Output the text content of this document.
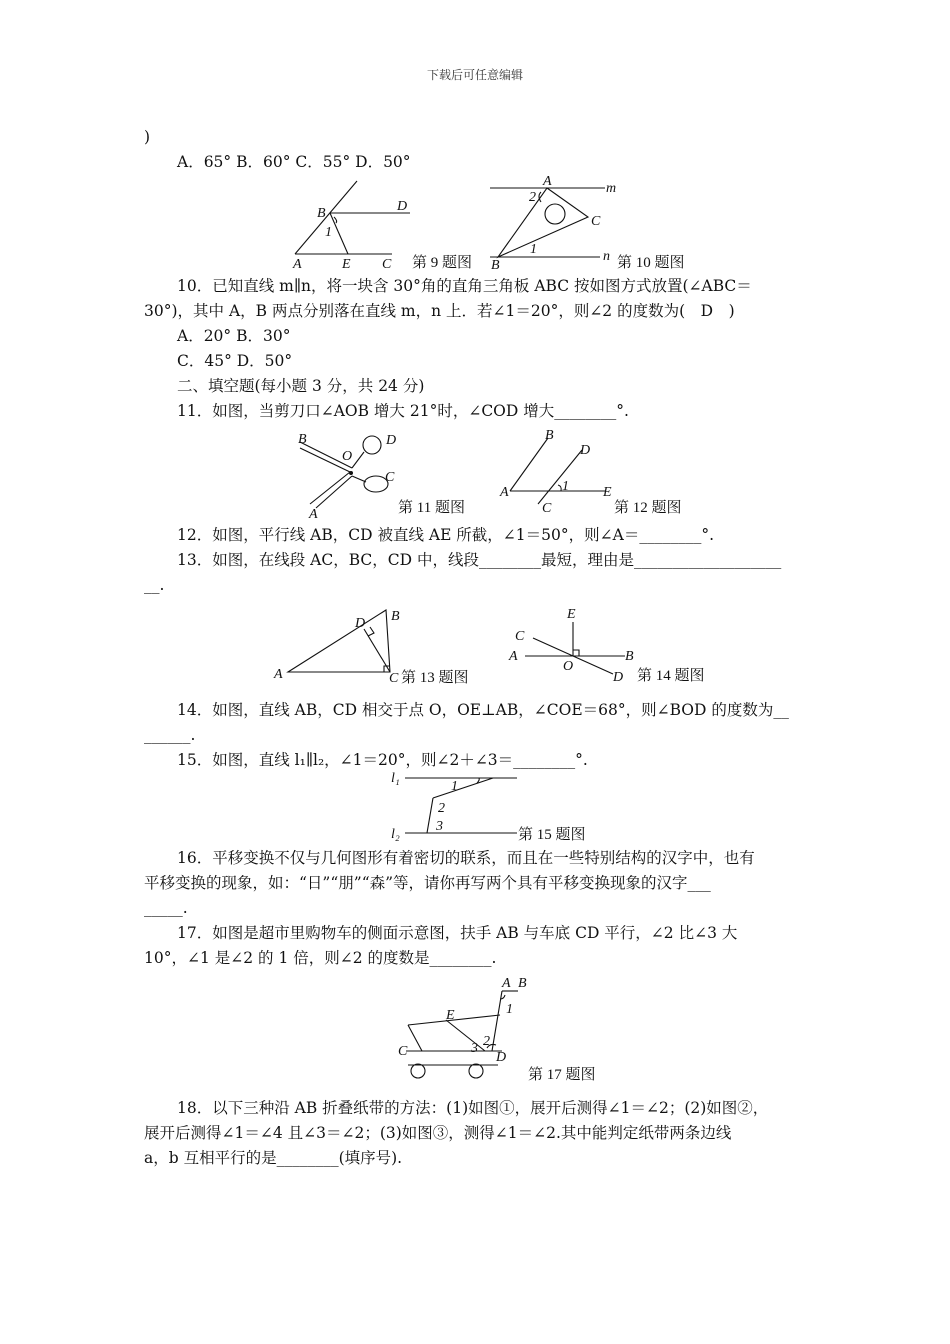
下载后可任意编辑
)
A．65° B．60° C．55° D．50°
B	D
1
A	E C 第 9 题图
A	m
2
C
1	n
B	第 10 题图
10．已知直线 m∥n，将一块含 30°角的直角三角板 ABC 按如图方式放置(∠ABC＝
30°)，其中 A，B 两点分别落在直线 m，n 上．若∠1＝20°，则∠2 的度数为(　D　)
A．20° B．30°
C．45° D．50°
二、填空题(每小题 3 分，共 24 分)
11．如图，当剪刀口∠AOB 增大 21°时，∠COD 增大________°.
B	D
O
C
A	第 11 题图
B
D
1
A	E
C	第 12 题图
12．如图，平行线 AB，CD 被直线 AE 所截，∠1＝50°，则∠A＝________°.
13．如图，在线段 AC，BC，CD 中，线段________最短，理由是___________________
__.
B
D
A	C 第 13 题图
E
C
A	B
O
D 第 14 题图
14．如图，直线 AB，CD 相交于点 O，OE⊥AB，∠COE＝68°，则∠BOD 的度数为__
______.
15．如图，直线 l₁∥l₂，∠1＝20°，则∠2＋∠3＝________°.
l₁
1
2
3
l₂	第 15 题图
16．平移变换不仅与几何图形有着密切的联系，而且在一些特别结构的汉字中，也有
平移变换的现象，如：“日”“朋”“森”等，请你再写两个具有平移变换现象的汉字___
_____.
17．如图是超市里购物车的侧面示意图，扶手 AB 与车底 CD 平行，∠2 比∠3 大
10°，∠1 是∠2 的 1 倍，则∠2 的度数是________.
A B
1
E
2
3
C	D
第 17 题图
18．以下三种沿 AB 折叠纸带的方法：(1)如图①，展开后测得∠1＝∠2；(2)如图②，
展开后测得∠1＝∠4 且∠3＝∠2；(3)如图③，测得∠1＝∠2.其中能判定纸带两条边线
a，b 互相平行的是________(填序号).
